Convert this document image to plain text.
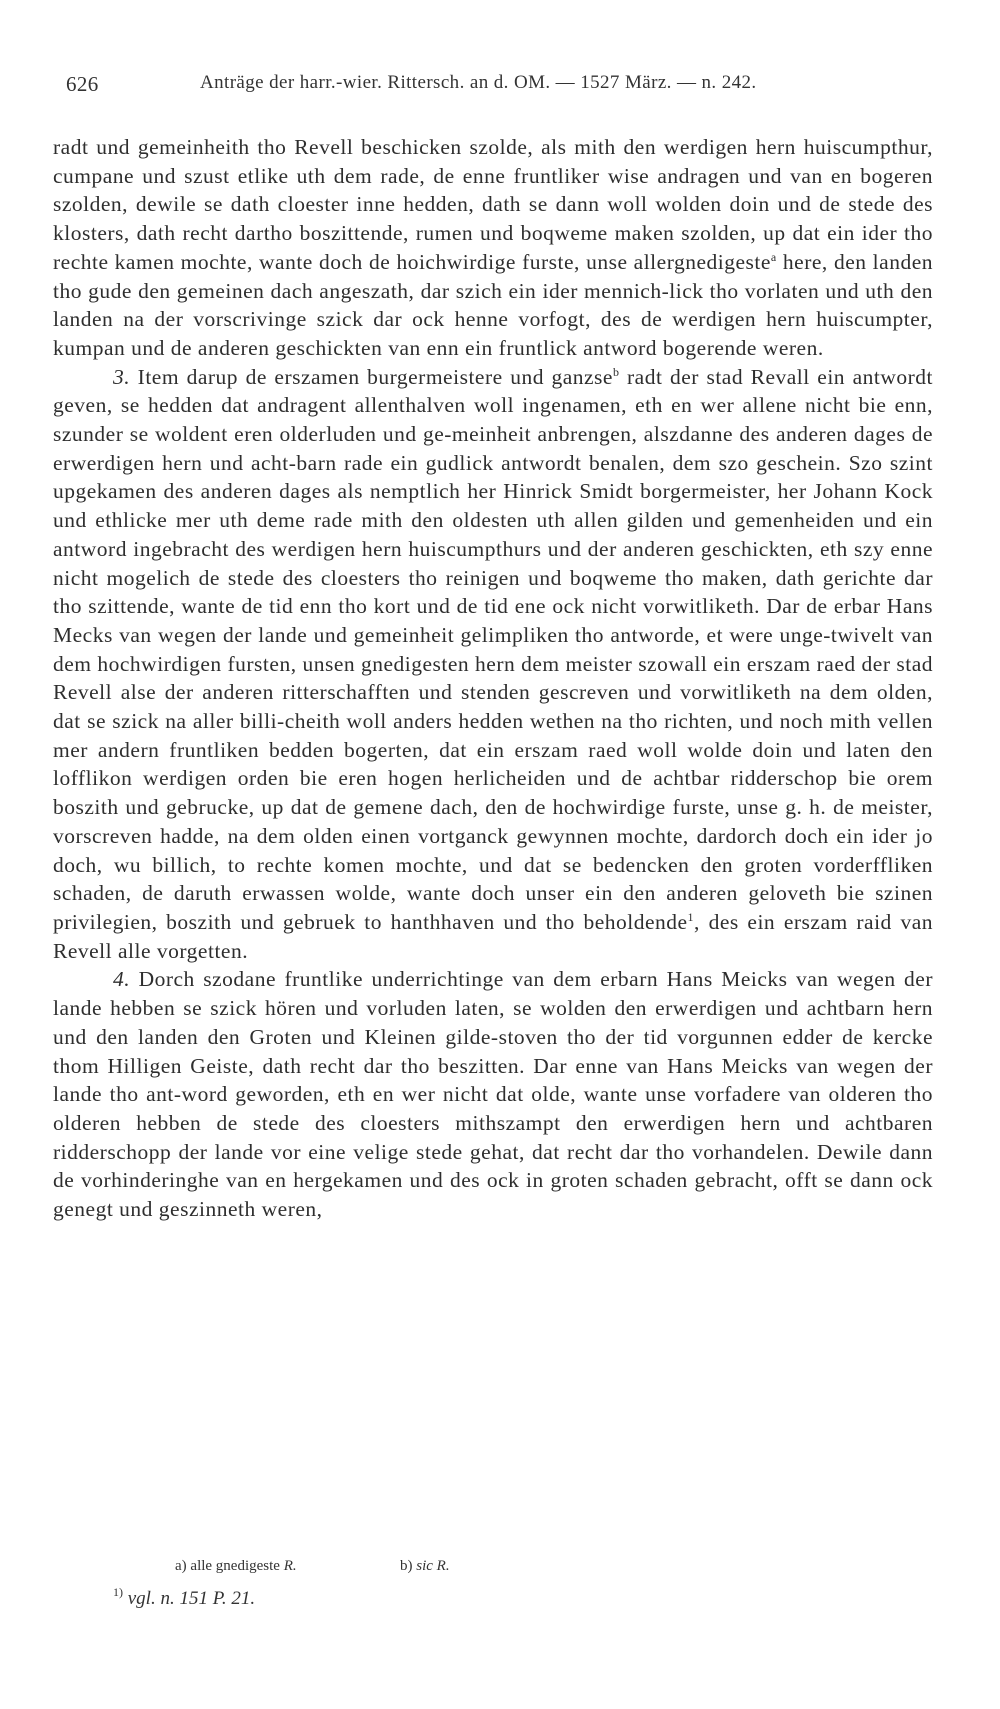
626	Anträge der harr.-wier. Rittersch. an d. OM. — 1527 März. — n. 242.

radt und gemeinheith tho Revell beschicken szolde, als mith den werdigen hern huiscumpthur, cumpane und szust etlike uth dem rade, de enne fruntliker wise andragen und van en bogeren szolden, dewile se dath cloester inne hedden, dath se dann woll wolden doin und de stede des klosters, dath recht dartho boszittende, rumen und boqweme maken szolden, up dat ein ider tho rechte kamen mochte, wante doch de hoichwirdige furste, unse allergnedigeste$^a$ here, den landen tho gude den gemeinen dach angeszath, dar szich ein ider mennich-lick tho vorlaten und uth den landen na der vorscrivinge szick dar ock henne vorfogt, des de werdigen hern huiscumpter, kumpan und de anderen geschickten van enn ein fruntlick antword bogerende weren.

3. Item darup de erszamen burgermeistere und ganzse$^b$ radt der stad Revall ein antwordt geven, se hedden dat andragent allenthalven woll ingenamen, eth en wer allene nicht bie enn, szunder se woldent eren olderluden und ge-meinheit anbrengen, alszdanne des anderen dages de erwerdigen hern und acht-barn rade ein gudlick antwordt benalen, dem szo geschein. Szo szint upgekamen des anderen dages als nemptlich her Hinrick Smidt borgermeister, her Johann Kock und ethlicke mer uth deme rade mith den oldesten uth allen gilden und gemenheiden und ein antword ingebracht des werdigen hern huiscumpthurs und der anderen geschickten, eth szy enne nicht mogelich de stede des cloesters tho reinigen und boqweme tho maken, dath gerichte dar tho szittende, wante de tid enn tho kort und de tid ene ock nicht vorwitliketh. Dar de erbar Hans Mecks van wegen der lande und gemeinheit gelimpliken tho antworde, et were unge-twivelt van dem hochwirdigen fursten, unsen gnedigesten hern dem meister szowall ein erszam raed der stad Revell alse der anderen ritterschafften und stenden gescreven und vorwitliketh na dem olden, dat se szick na aller billi-cheith woll anders hedden wethen na tho richten, und noch mith vellen mer andern fruntliken bedden bogerten, dat ein erszam raed woll wolde doin und laten den lofflikon werdigen orden bie eren hogen herlicheiden und de achtbar ridderschop bie orem boszith und gebrucke, up dat de gemene dach, den de hochwirdige furste, unse g. h. de meister, vorscreven hadde, na dem olden einen vortganck gewynnen mochte, dardorch doch ein ider jo doch, wu billich, to rechte komen mochte, und dat se bedencken den groten vorderffliken schaden, de daruth erwassen wolde, wante doch unser ein den anderen geloveth bie szinen privilegien, boszith und gebruek to hanthhaven und tho beholdende$^1$, des ein erszam raid van Revell alle vorgetten.

4. Dorch szodane fruntlike underrichtinge van dem erbarn Hans Meicks van wegen der lande hebben se szick hören und vorluden laten, se wolden den erwerdigen und achtbarn hern und den landen den Groten und Kleinen gilde-stoven tho der tid vorgunnen edder de kercke thom Hilligen Geiste, dath recht dar tho beszitten. Dar enne van Hans Meicks van wegen der lande tho ant-word geworden, eth en wer nicht dat olde, wante unse vorfadere van olderen tho olderen hebben de stede des cloesters mithszampt den erwerdigen hern und achtbaren ridderschopp der lande vor eine velige stede gehat, dat recht dar tho vorhandelen. Dewile dann de vorhinderinghe van en hergekamen und des ock in groten schaden gebracht, offt se dann ock genegt und geszinneth weren,

a) alle gnedigeste R.	b) sic R.
$^{1)}$ vgl. n. 151 P. 21.
